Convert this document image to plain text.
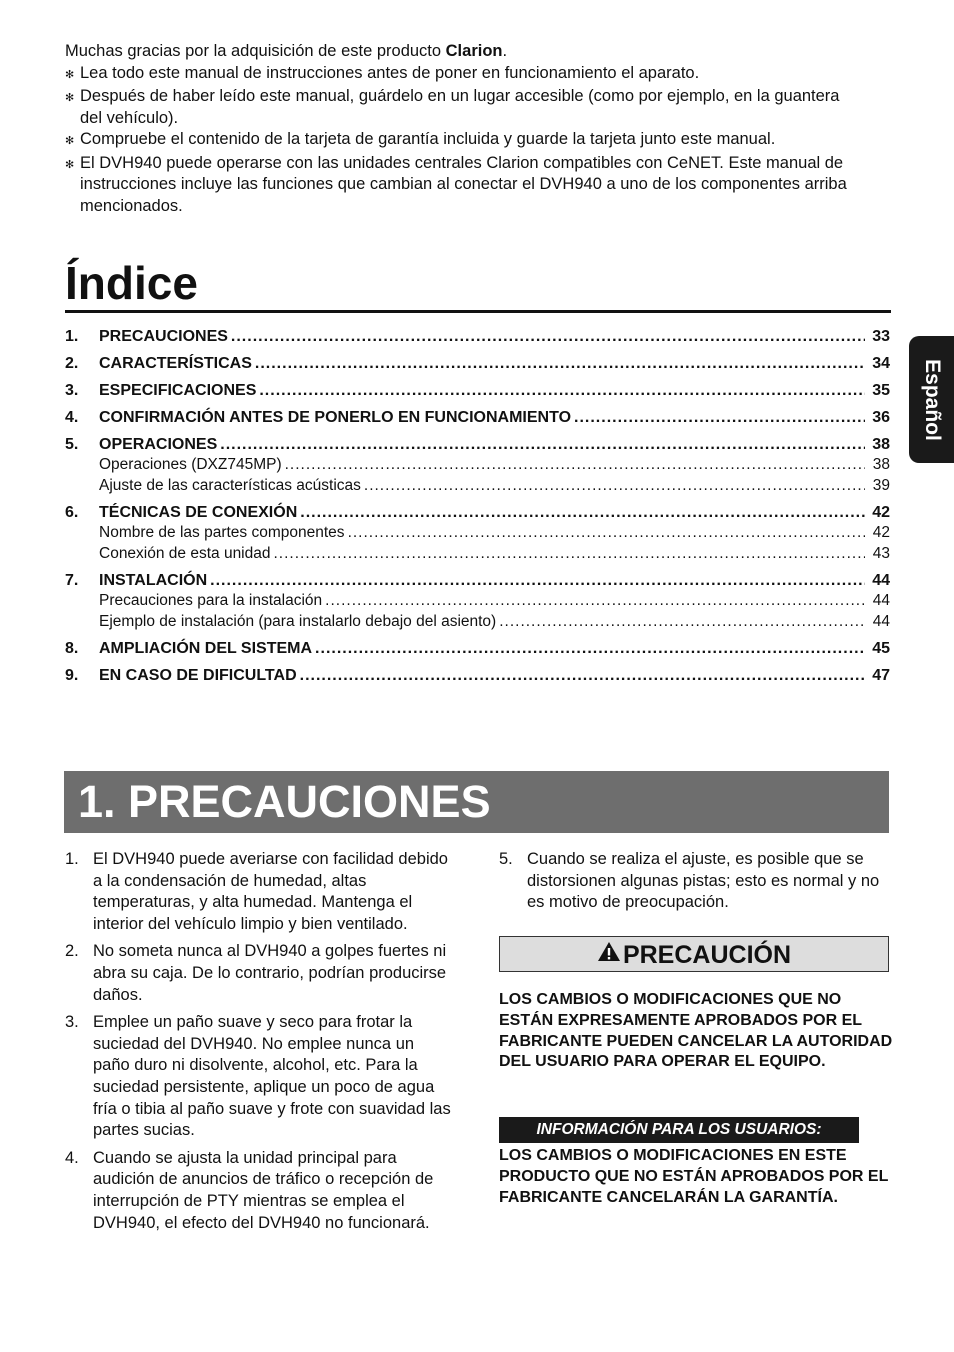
Muchas gracias por la adquisición de este producto Clarion.

✻ Lea todo este manual de instrucciones antes de poner en funcionamiento el aparato.
✻ Después de haber leído este manual, guárdelo en un lugar accesible (como por ejemplo, en la guantera del vehículo).
✻ Compruebe el contenido de la tarjeta de garantía incluida y guarde la tarjeta junto este manual.
✻ El DVH940 puede operarse con las unidades centrales Clarion compatibles con CeNET. Este manual de instrucciones incluye las funciones que cambian al conectar el DVH940 a uno de los componentes arriba mencionados.
Índice
1.	PRECAUCIONES .....	33
2.	CARACTERÍSTICAS .....	34
3.	ESPECIFICACIONES .....	35
4.	CONFIRMACIÓN ANTES DE PONERLO EN FUNCIONAMIENTO .....	36
5.	OPERACIONES .....	38
Operaciones (DXZ745MP) .....	38
Ajuste de las características acústicas .....	39
6.	TÉCNICAS DE CONEXIÓN .....	42
Nombre de las partes componentes .....	42
Conexión de esta unidad .....	43
7.	INSTALACIÓN .....	44
Precauciones para la instalación .....	44
Ejemplo de instalación (para instalarlo debajo del asiento) .....	44
8.	AMPLIACIÓN DEL SISTEMA .....	45
9.	EN CASO DE DIFICULTAD .....	47
Español
1. PRECAUCIONES
1. El DVH940 puede averiarse con facilidad debido a la condensación de humedad, altas temperaturas, y alta humedad. Mantenga el interior del vehículo limpio y bien ventilado.
2. No someta nunca al DVH940 a golpes fuertes ni abra su caja. De lo contrario, podrían producirse daños.
3. Emplee un paño suave y seco para frotar la suciedad del DVH940. No emplee nunca un paño duro ni disolvente, alcohol, etc. Para la suciedad persistente, aplique un poco de agua fría o tibia al paño suave y frote con suavidad las partes sucias.
4. Cuando se ajusta la unidad principal para audición de anuncios de tráfico o recepción de interrupción de PTY mientras se emplea el DVH940, el efecto del DVH940 no funcionará.
5. Cuando se realiza el ajuste, es posible que se distorsionen algunas pistas; esto es normal y no es motivo de preocupación.
PRECAUCIÓN
LOS CAMBIOS O MODIFICACIONES QUE NO ESTÁN EXPRESAMENTE APROBADOS POR EL FABRICANTE PUEDEN CANCELAR LA AUTORIDAD DEL USUARIO PARA OPERAR EL EQUIPO.
INFORMACIÓN PARA LOS USUARIOS:
LOS CAMBIOS O MODIFICACIONES EN ESTE PRODUCTO QUE NO ESTÁN APROBADOS POR EL FABRICANTE CANCELARÁN LA GARANTÍA.
